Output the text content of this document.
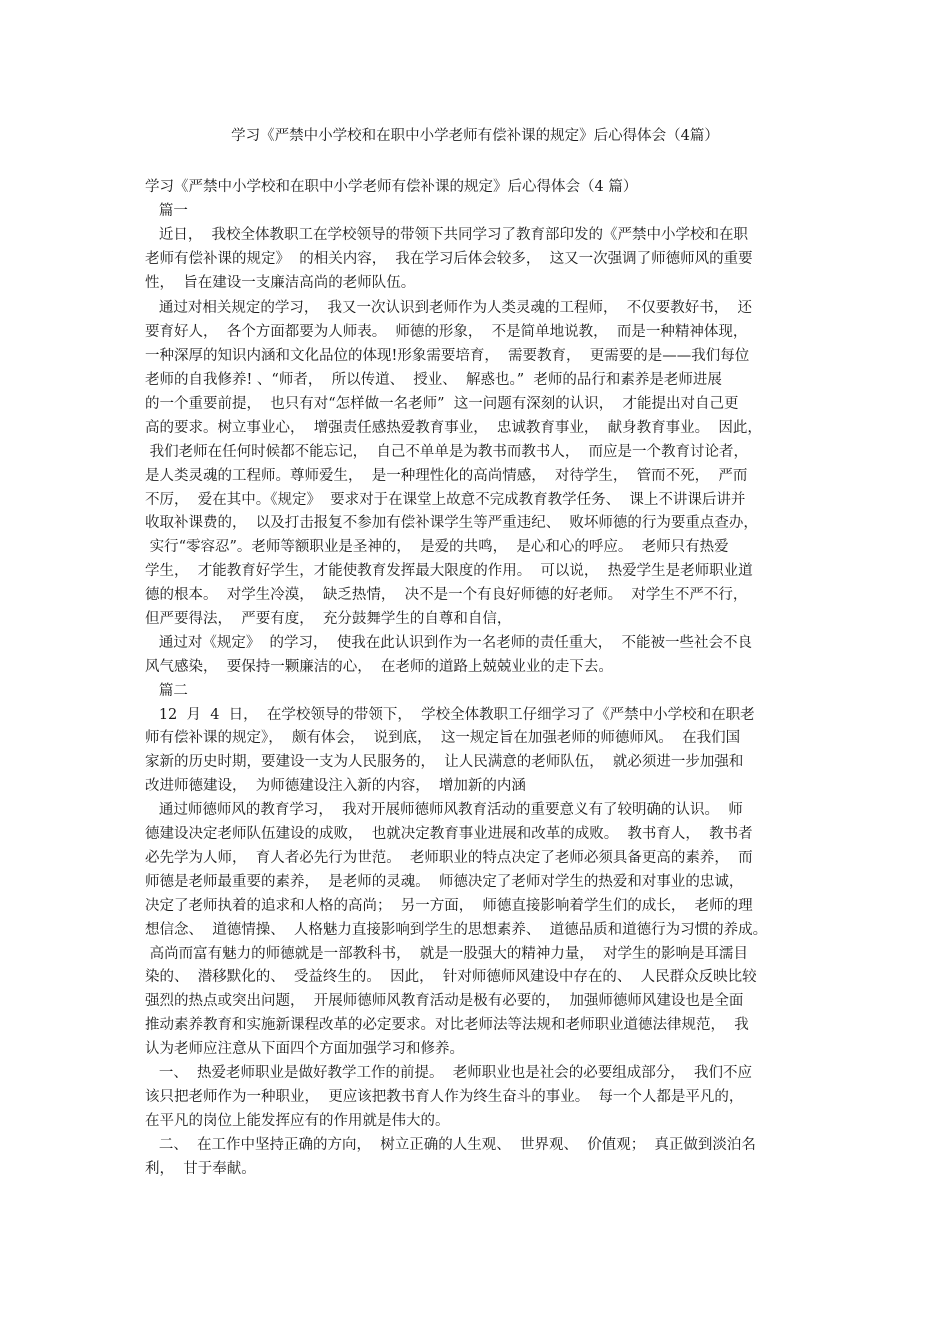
学习《严禁中小学校和在职中小学老师有偿补课的规定》后心得体会（4篇）
学习《严禁中小学校和在职中小学老师有偿补课的规定》后心得体会（4 篇）
篇一
近日，  我校全体教职工在学校领导的带领下共同学习了教育部印发的《严禁中小学校和在职
老师有偿补课的规定》  的相关内容，  我在学习后体会较多，  这又一次强调了师德师风的重要
性，  旨在建设一支廉洁高尚的老师队伍。
通过对相关规定的学习，  我又一次认识到老师作为人类灵魂的工程师，  不仅要教好书，  还
要育好人，  各个方面都要为人师表。  师德的形象，  不是简单地说教，  而是一种精神体现，
一种深厚的知识内涵和文化品位的体现!形象需要培育，  需要教育，  更需要的是——我们每位
老师的自我修养! 、“师者，  所以传道、  授业、  解惑也。”  老师的品行和素养是老师进展
的一个重要前提，  也只有对“怎样做一名老师”  这一问题有深刻的认识，  才能提出对自己更
高的要求。树立事业心，  增强责任感热爱教育事业，  忠诚教育事业，  献身教育事业。  因此，
我们老师在任何时候都不能忘记，  自己不单单是为教书而教书人，  而应是一个教育讨论者，
是人类灵魂的工程师。尊师爱生，  是一种理性化的高尚情感，  对待学生，  管而不死，  严而
不厉，  爱在其中。《规定》  要求对于在课堂上故意不完成教育教学任务、  课上不讲课后讲并
收取补课费的，  以及打击报复不参加有偿补课学生等严重违纪、  败坏师德的行为要重点查办，
实行“零容忍”。老师等额职业是圣神的，  是爱的共鸣，  是心和心的呼应。  老师只有热爱
学生，  才能教育好学生，才能使教育发挥最大限度的作用。  可以说，  热爱学生是老师职业道
德的根本。  对学生冷漠，  缺乏热情，  决不是一个有良好师德的好老师。  对学生不严不行，
但严要得法，  严要有度，  充分鼓舞学生的自尊和自信，
通过对《规定》  的学习，  使我在此认识到作为一名老师的责任重大，  不能被一些社会不良
风气感染，  要保持一颗廉洁的心，  在老师的道路上兢兢业业的走下去。
篇二
12  月  4  日，  在学校领导的带领下，  学校全体教职工仔细学习了《严禁中小学校和在职老
师有偿补课的规定》，  颇有体会，  说到底，  这一规定旨在加强老师的师德师风。  在我们国
家新的历史时期，要建设一支为人民服务的，  让人民满意的老师队伍，  就必须进一步加强和
改进师德建设，  为师德建设注入新的内容，  增加新的内涵
通过师德师风的教育学习，  我对开展师德师风教育活动的重要意义有了较明确的认识。  师
德建设决定老师队伍建设的成败，  也就决定教育事业进展和改革的成败。  教书育人，  教书者
必先学为人师，  育人者必先行为世范。  老师职业的特点决定了老师必须具备更高的素养，  而
师德是老师最重要的素养，  是老师的灵魂。  师德决定了老师对学生的热爱和对事业的忠诚，
决定了老师执着的追求和人格的高尚；  另一方面，  师德直接影响着学生们的成长，  老师的理
想信念、  道德情操、  人格魅力直接影响到学生的思想素养、  道德品质和道德行为习惯的养成。
高尚而富有魅力的师德就是一部教科书，  就是一股强大的精神力量，  对学生的影响是耳濡目
染的、  潜移默化的、  受益终生的。  因此，  针对师德师风建设中存在的、  人民群众反映比较
强烈的热点或突出问题，  开展师德师风教育活动是极有必要的，  加强师德师风建设也是全面
推动素养教育和实施新课程改革的必定要求。对比老师法等法规和老师职业道德法律规范，  我
认为老师应注意从下面四个方面加强学习和修养。
一、  热爱老师职业是做好教学工作的前提。  老师职业也是社会的必要组成部分，  我们不应
该只把老师作为一种职业，  更应该把教书育人作为终生奋斗的事业。  每一个人都是平凡的，
在平凡的岗位上能发挥应有的作用就是伟大的。
二、  在工作中坚持正确的方向，  树立正确的人生观、  世界观、  价值观；  真正做到淡泊名
利，  甘于奉献。
